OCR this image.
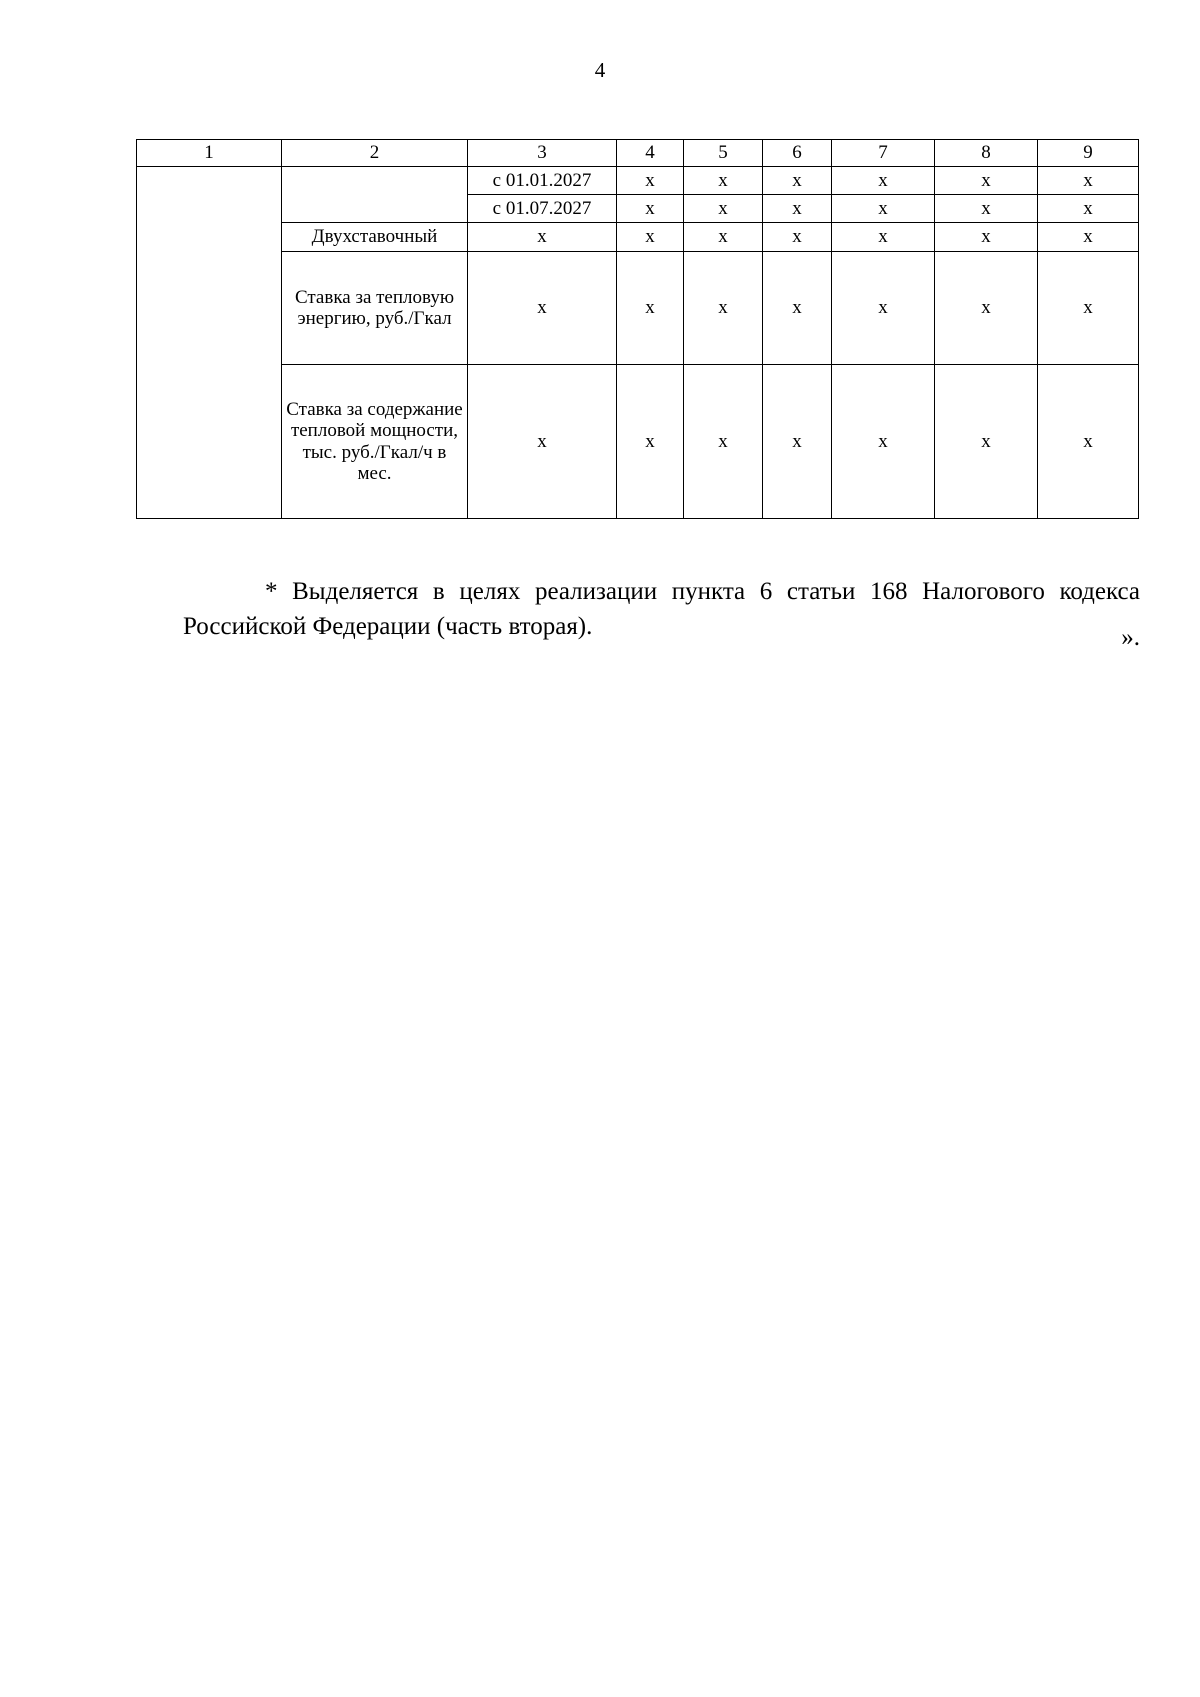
4
1	2	3	4	5	6	7	8	9
		с 01.01.2027	х	х	х	х	х	х
		с 01.07.2027	х	х	х	х	х	х
	Двухставочный	х	х	х	х	х	х	х
	Ставка за тепловую энергию, руб./Гкал	х	х	х	х	х	х	х
	Ставка за содержание тепловой мощности, тыс. руб./Гкал/ч в мес.	х	х	х	х	х	х	х

* Выделяется в целях реализации пункта 6 статьи 168 Налогового кодекса Российской Федерации (часть вторая).	».
